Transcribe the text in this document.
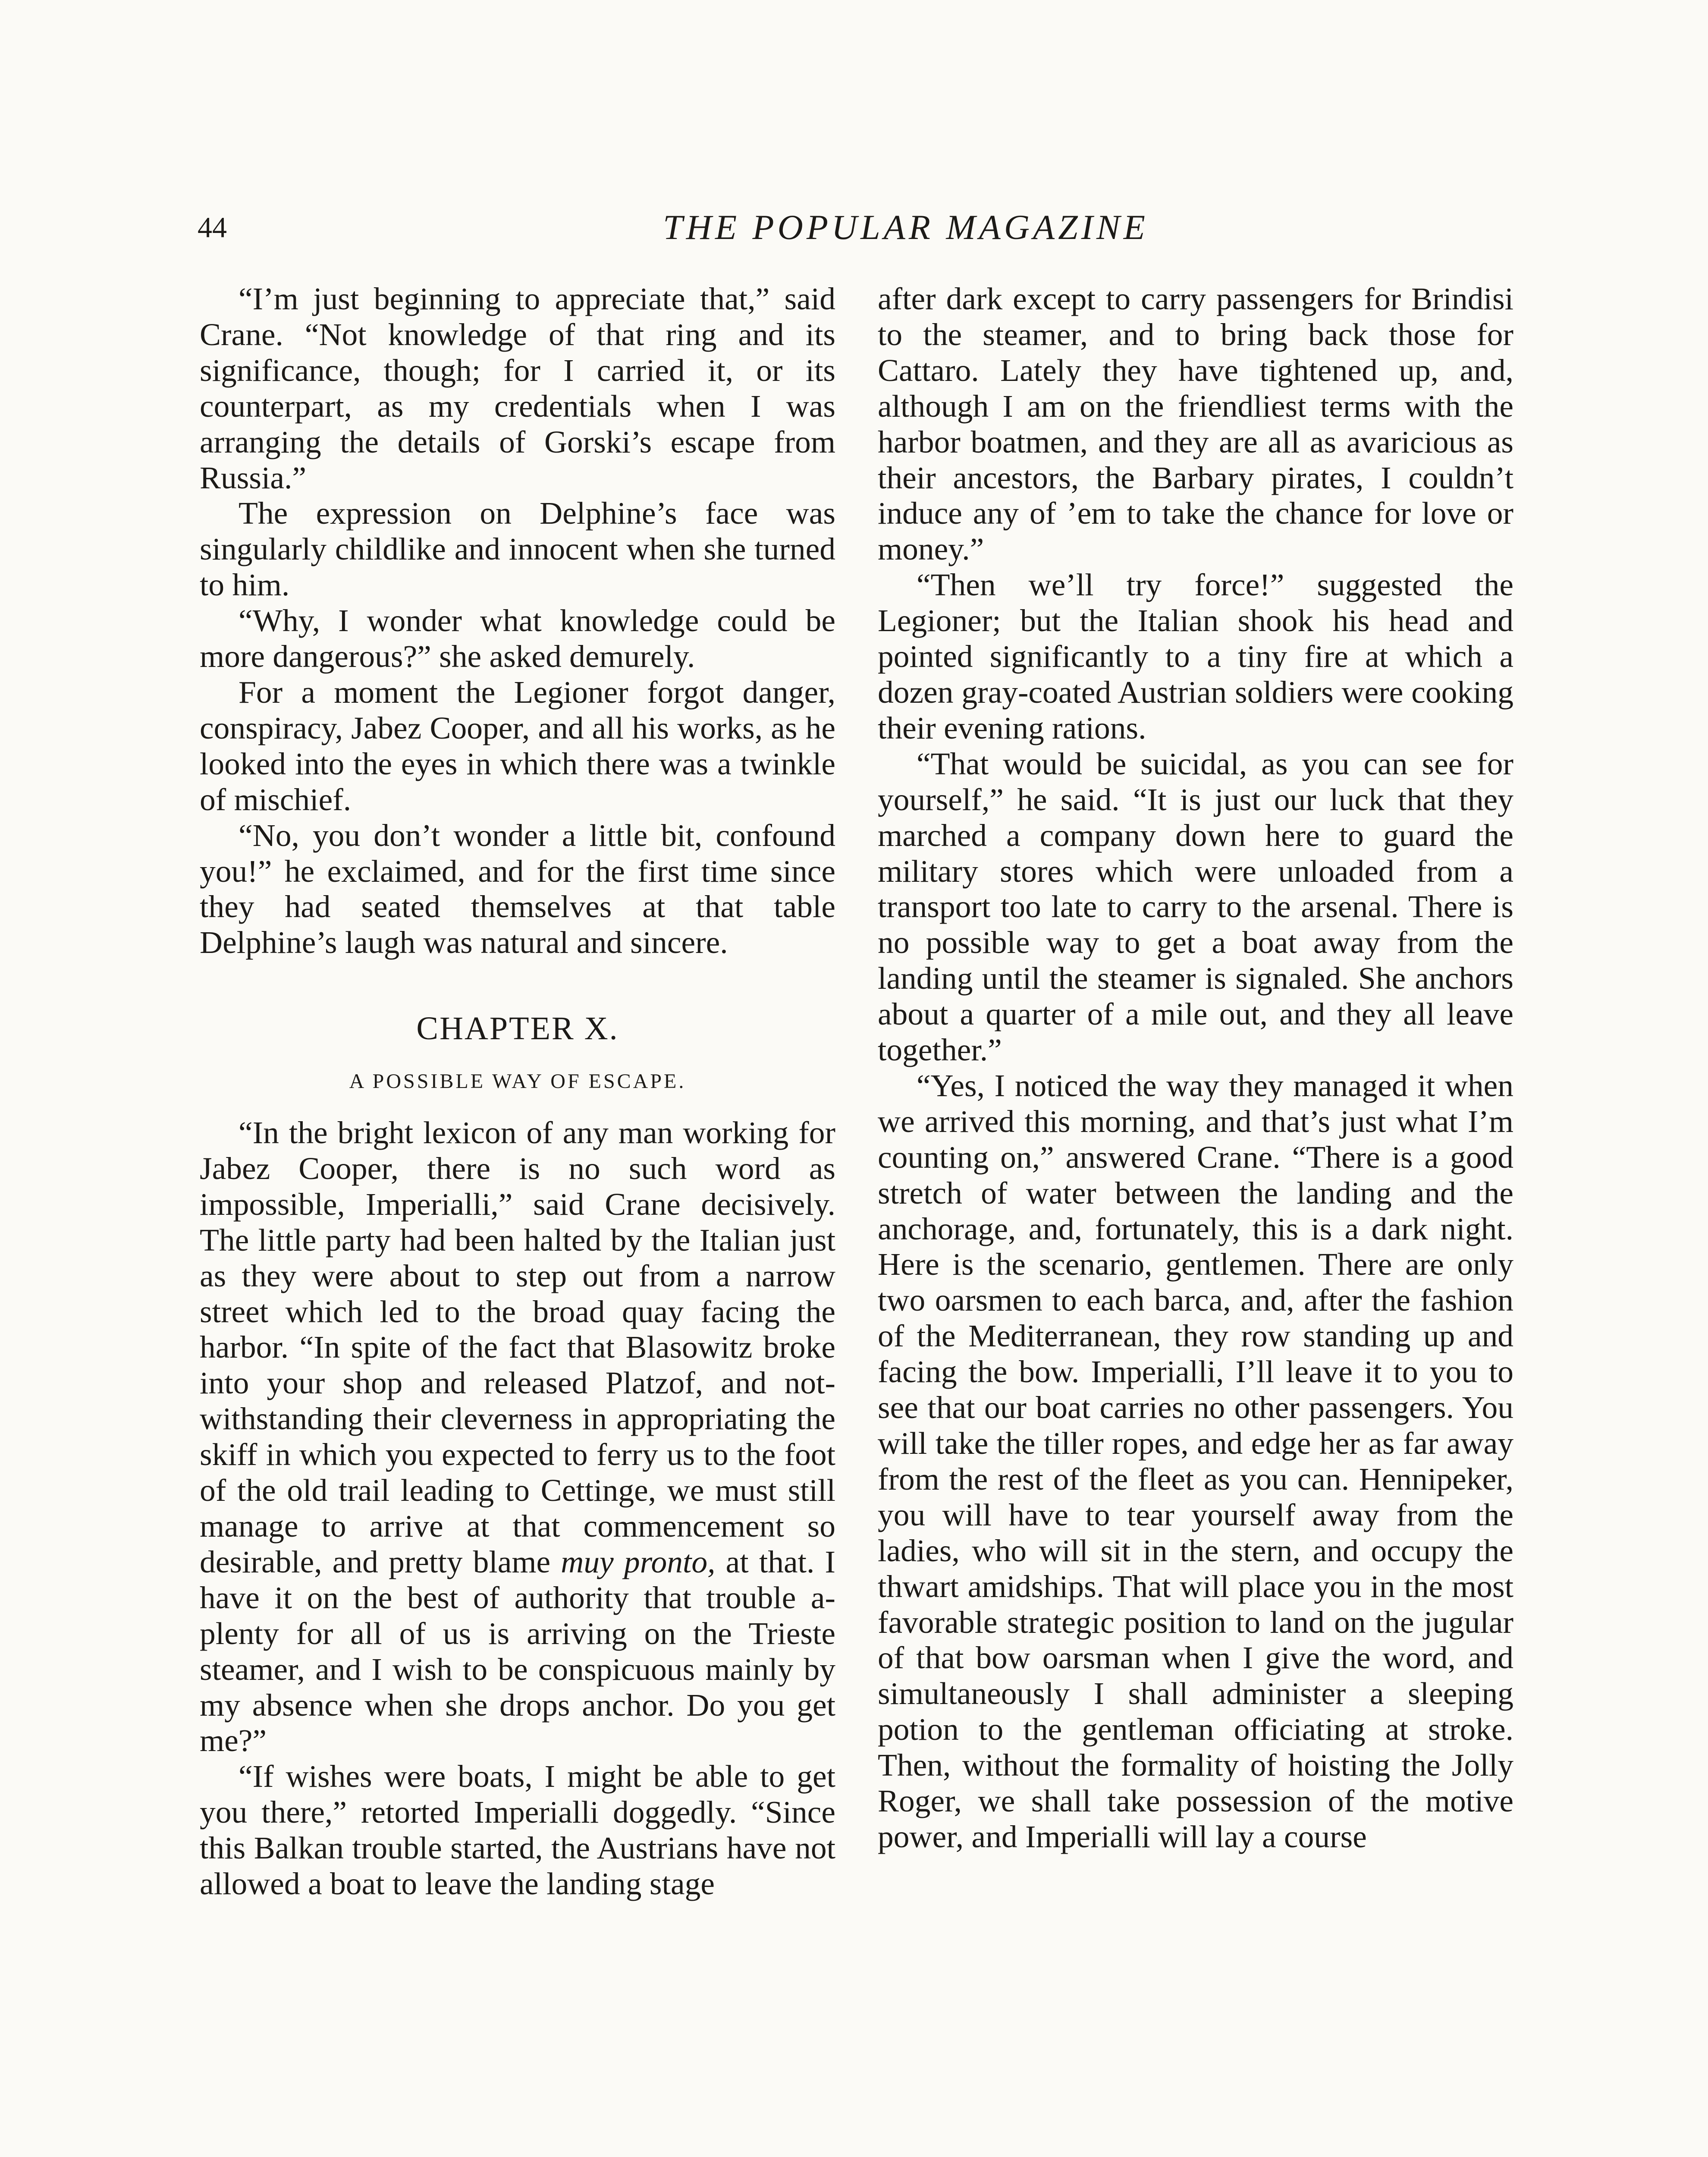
44	THE POPULAR MAGAZINE

“I’m just beginning to appreciate that,” said Crane. “Not knowledge of that ring and its significance, though; for I carried it, or its counterpart, as my credentials when I was arranging the details of Gorski’s escape from Russia.”

The expression on Delphine’s face was singularly childlike and innocent when she turned to him.

“Why, I wonder what knowledge could be more dangerous?” she asked demurely.

For a moment the Legioner forgot danger, conspiracy, Jabez Cooper, and all his works, as he looked into the eyes in which there was a twinkle of mischief.

“No, you don’t wonder a little bit, confound you!” he exclaimed, and for the first time since they had seated themselves at that table Delphine’s laugh was natural and sincere.

CHAPTER X.
A POSSIBLE WAY OF ESCAPE.

“In the bright lexicon of any man working for Jabez Cooper, there is no such word as impossible, Imperialli,” said Crane decisively. The little party had been halted by the Italian just as they were about to step out from a narrow street which led to the broad quay facing the harbor. “In spite of the fact that Blasowitz broke into your shop and released Platzof, and notwithstanding their cleverness in appropriating the skiff in which you expected to ferry us to the foot of the old trail leading to Cettinge, we must still manage to arrive at that commencement so desirable, and pretty blame muy pronto, at that. I have it on the best of authority that trouble a-plenty for all of us is arriving on the Trieste steamer, and I wish to be conspicuous mainly by my absence when she drops anchor. Do you get me?”

“If wishes were boats, I might be able to get you there,” retorted Imperialli doggedly. “Since this Balkan trouble started, the Austrians have not allowed a boat to leave the landing stage

after dark except to carry passengers for Brindisi to the steamer, and to bring back those for Cattaro. Lately they have tightened up, and, although I am on the friendliest terms with the harbor boatmen, and they are all as avaricious as their ancestors, the Barbary pirates, I couldn’t induce any of ’em to take the chance for love or money.”

“Then we’ll try force!” suggested the Legioner; but the Italian shook his head and pointed significantly to a tiny fire at which a dozen gray-coated Austrian soldiers were cooking their evening rations.

“That would be suicidal, as you can see for yourself,” he said. “It is just our luck that they marched a company down here to guard the military stores which were unloaded from a transport too late to carry to the arsenal. There is no possible way to get a boat away from the landing until the steamer is signaled. She anchors about a quarter of a mile out, and they all leave together.”

“Yes, I noticed the way they managed it when we arrived this morning, and that’s just what I’m counting on,” answered Crane. “There is a good stretch of water between the landing and the anchorage, and, fortunately, this is a dark night. Here is the scenario, gentlemen. There are only two oarsmen to each barca, and, after the fashion of the Mediterranean, they row standing up and facing the bow. Imperialli, I’ll leave it to you to see that our boat carries no other passengers. You will take the tiller ropes, and edge her as far away from the rest of the fleet as you can. Hennipeker, you will have to tear yourself away from the ladies, who will sit in the stern, and occupy the thwart amidships. That will place you in the most favorable strategic position to land on the jugular of that bow oarsman when I give the word, and simultaneously I shall administer a sleeping potion to the gentleman officiating at stroke. Then, without the formality of hoisting the Jolly Roger, we shall take possession of the motive power, and Imperialli will lay a course
